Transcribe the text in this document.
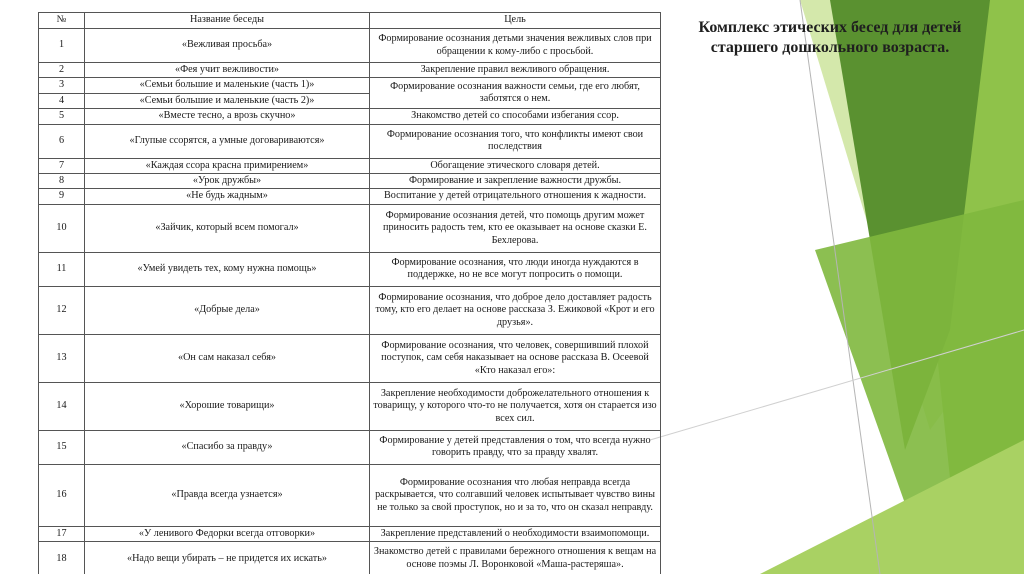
Комплекс этических бесед для детей старшего дошкольного возраста.
№	Название беседы	Цель
1	«Вежливая просьба»	Формирование осознания детьми значения вежливых слов при обращении к кому-либо с просьбой.
2	«Фея учит вежливости»	Закрепление правил вежливого обращения.
3	«Семьи большие и маленькие (часть 1)»	Формирование осознания важности семьи, где его любят, заботятся о нем.
4	«Семьи большие и маленькие (часть 2)»	
5	«Вместе тесно, а врозь скучно»	Знакомство детей со способами избегания ссор.
6	«Глупые ссорятся, а умные договариваются»	Формирование осознания того, что конфликты имеют свои последствия
7	«Каждая ссора красна примирением»	Обогащение этического словаря детей.
8	«Урок дружбы»	Формирование и закрепление важности дружбы.
9	«Не будь жадным»	Воспитание у детей отрицательного отношения к жадности.
10	«Зайчик, который всем помогал»	Формирование осознания детей, что помощь другим может приносить радость тем, кто ее оказывает на основе сказки Е. Бехлерова.
11	«Умей увидеть тех, кому нужна помощь»	Формирование осознания, что люди иногда нуждаются в поддержке, но не все могут попросить о помощи.
12	«Добрые дела»	Формирование осознания, что доброе дело доставляет радость тому, кто его делает на основе рассказа З. Ежиковой «Крот и его друзья».
13	«Он сам наказал себя»	Формирование осознания, что человек, совершивший плохой поступок, сам себя наказывает на основе рассказа В. Осеевой «Кто наказал его»:
14	«Хорошие товарищи»	Закрепление необходимости доброжелательного отношения к товарищу, у которого что-то не получается, хотя он старается изо всех сил.
15	«Спасибо за правду»	Формирование у детей представления о том, что всегда нужно говорить правду, что за правду хвалят.
16	«Правда всегда узнается»	Формирование осознания что любая неправда всегда раскрывается, что солгавший человек испытывает чувство вины не только за свой проступок, но и за то, что он сказал неправду.
17	«У ленивого Федорки всегда отговорки»	Закрепление представлений о необходимости взаимопомощи.
18	«Надо вещи убирать – не придется их искать»	Знакомство детей с правилами бережного отношения к вещам на основе поэмы Л. Воронковой «Маша-растеряша».
